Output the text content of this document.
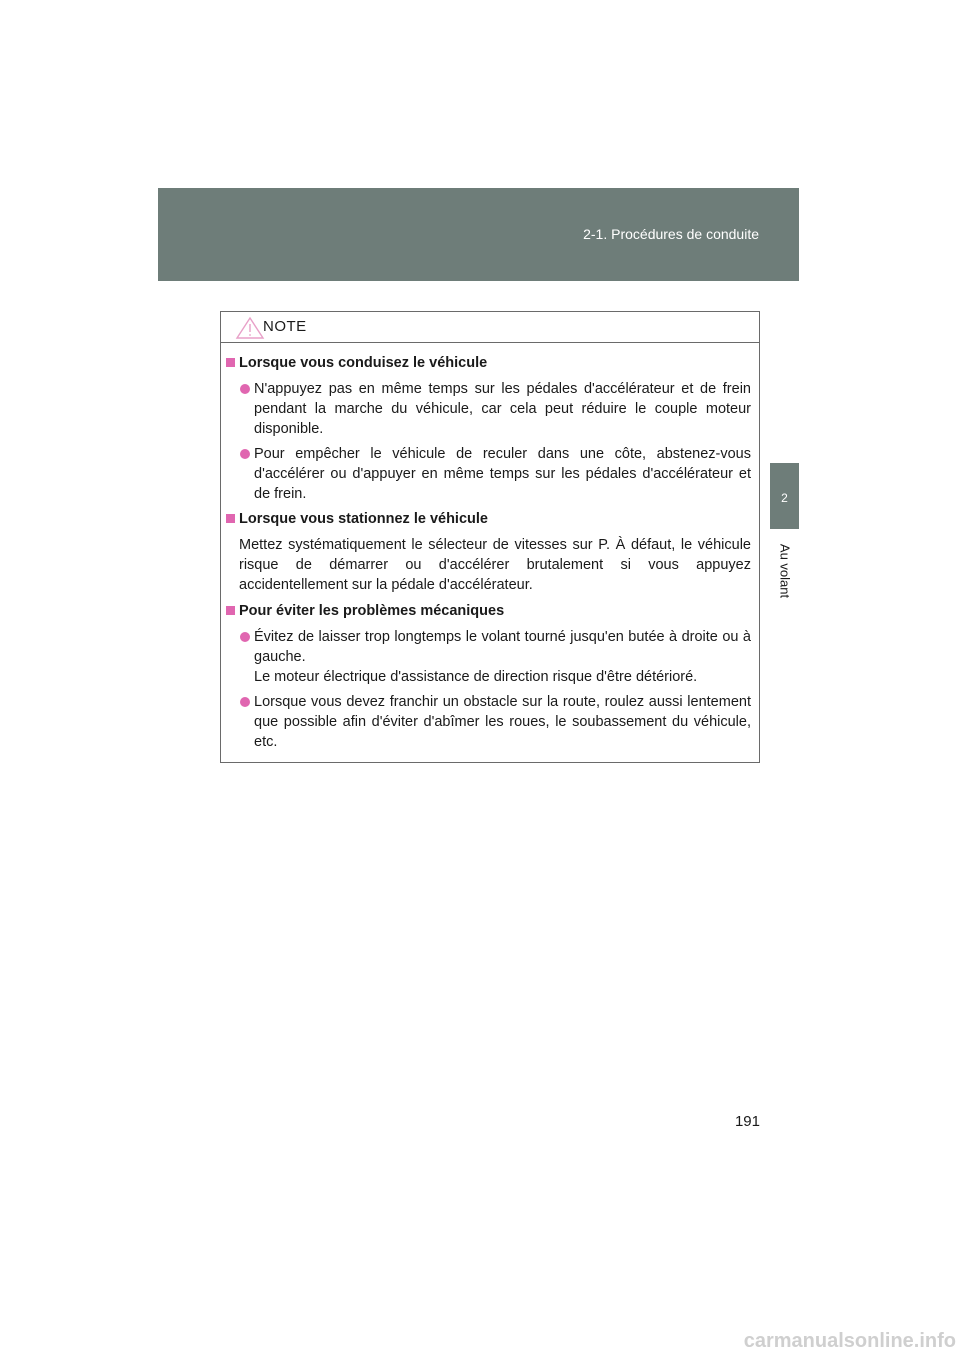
2-1. Procédures de conduite
2
Au volant
NOTE
Lorsque vous conduisez le véhicule

N'appuyez pas en même temps sur les pédales d'accélérateur et de frein pendant la marche du véhicule, car cela peut réduire le couple moteur disponible.

Pour empêcher le véhicule de reculer dans une côte, abstenez-vous d'accélérer ou d'appuyer en même temps sur les pédales d'accélérateur et de frein.

Lorsque vous stationnez le véhicule

Mettez systématiquement le sélecteur de vitesses sur P. À défaut, le véhicule risque de démarrer ou d'accélérer brutalement si vous appuyez accidentellement sur la pédale d'accélérateur.

Pour éviter les problèmes mécaniques

Évitez de laisser trop longtemps le volant tourné jusqu'en butée à droite ou à gauche.

Le moteur électrique d'assistance de direction risque d'être détérioré.

Lorsque vous devez franchir un obstacle sur la route, roulez aussi lentement que possible afin d'éviter d'abîmer les roues, le soubassement du véhicule, etc.

191
carmanualsonline.info
